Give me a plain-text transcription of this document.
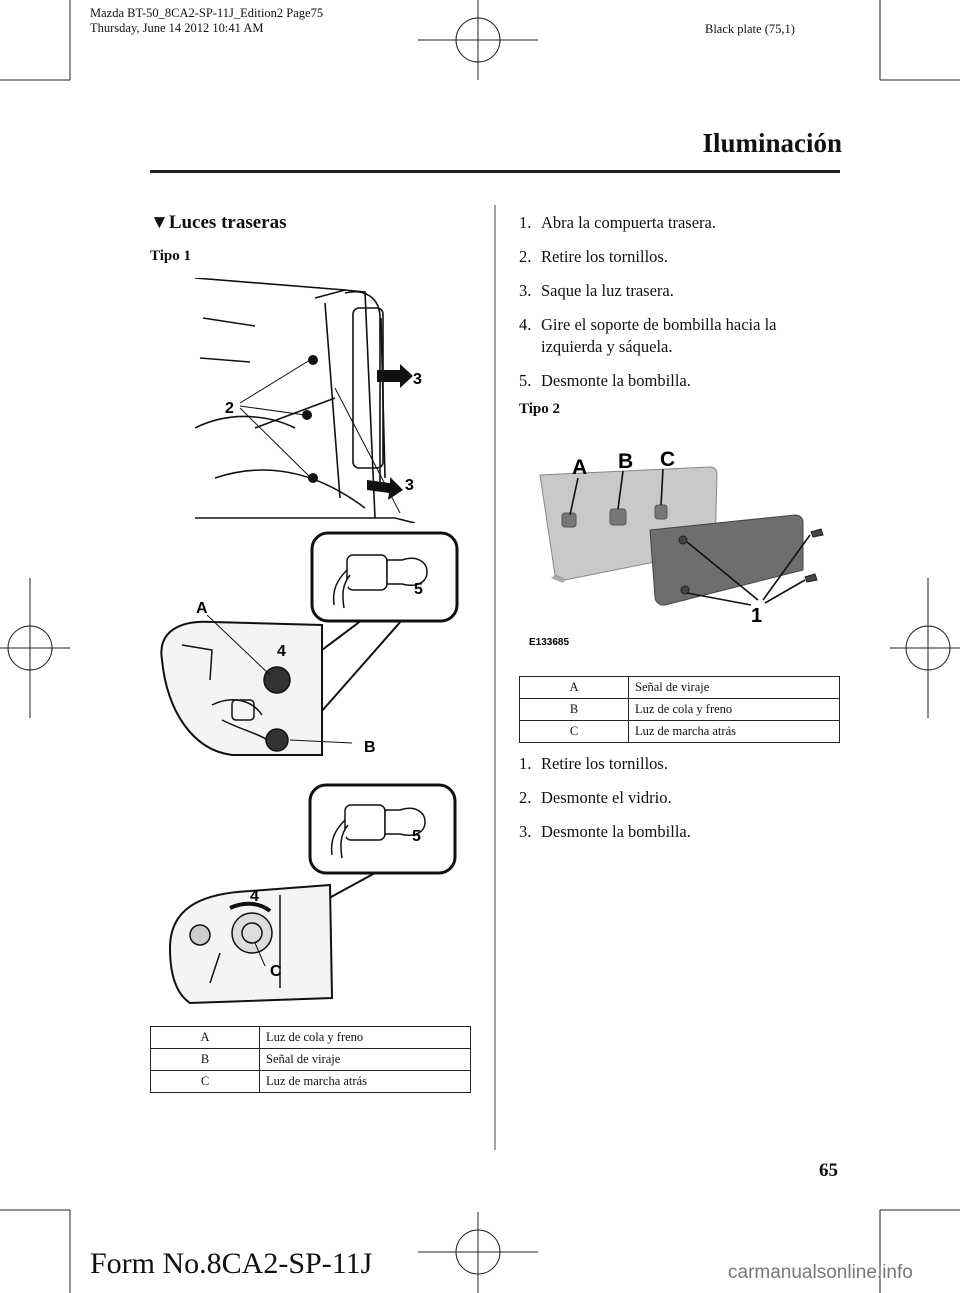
Mazda BT-50_8CA2-SP-11J_Edition2 Page75
Thursday, June 14 2012 10:41 AM	Black plate (75,1)
Iluminación
▼Luces traseras
Tipo 1
2
3
3
A
4
5
B
5
4
C
A	Luz de cola y freno
B	Señal de viraje
C	Luz de marcha atrás
1. Abra la compuerta trasera.
2. Retire los tornillos.
3. Saque la luz trasera.
4. Gire el soporte de bombilla hacia la
izquierda y sáquela.
5. Desmonte la bombilla.
Tipo 2
A B C
1
E133685
A	Señal de viraje
B	Luz de cola y freno
C	Luz de marcha atrás
1. Retire los tornillos.
2. Desmonte el vidrio.
3. Desmonte la bombilla.
65
Form No.8CA2-SP-11J	carmanualsonline.info
